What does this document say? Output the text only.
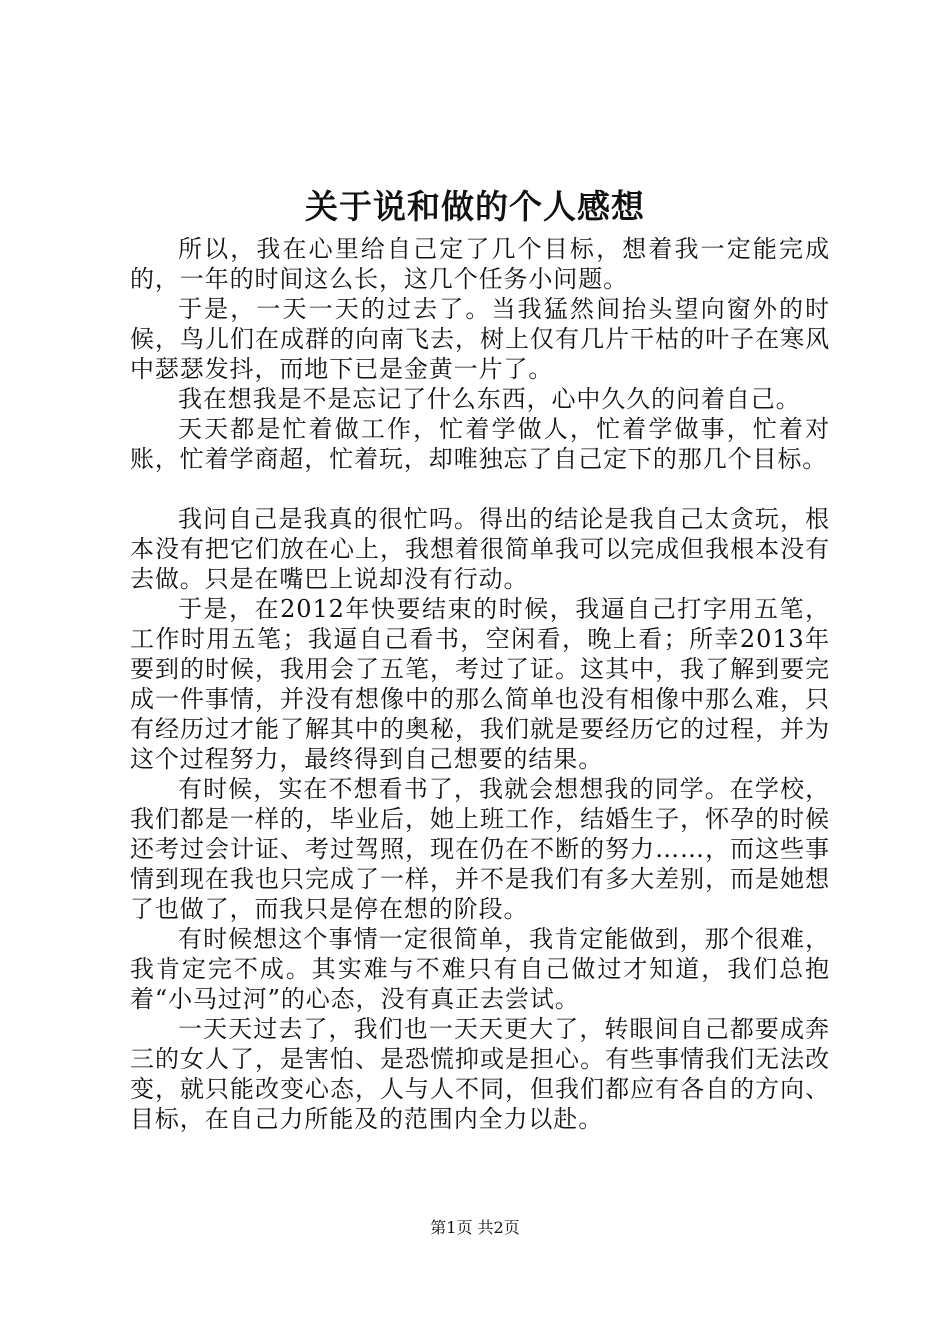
关于说和做的个人感想

所以，我在心里给自己定了几个目标，想着我一定能完成的，一年的时间这么长，这几个任务小问题。

于是，一天一天的过去了。当我猛然间抬头望向窗外的时候，鸟儿们在成群的向南飞去，树上仅有几片干枯的叶子在寒风中瑟瑟发抖，而地下已是金黄一片了。

我在想我是不是忘记了什么东西，心中久久的问着自己。

天天都是忙着做工作，忙着学做人，忙着学做事，忙着对账，忙着学商超，忙着玩，却唯独忘了自己定下的那几个目标。

我问自己是我真的很忙吗。得出的结论是我自己太贪玩，根本没有把它们放在心上，我想着很简单我可以完成但我根本没有去做。只是在嘴巴上说却没有行动。

于是，在2012年快要结束的时候，我逼自己打字用五笔，工作时用五笔；我逼自己看书，空闲看，晚上看；所幸2013年要到的时候，我用会了五笔，考过了证。这其中，我了解到要完成一件事情，并没有想像中的那么简单也没有相像中那么难，只有经历过才能了解其中的奥秘，我们就是要经历它的过程，并为这个过程努力，最终得到自己想要的结果。

有时候，实在不想看书了，我就会想想我的同学。在学校，我们都是一样的，毕业后，她上班工作，结婚生子，怀孕的时候还考过会计证、考过驾照，现在仍在不断的努力……，而这些事情到现在我也只完成了一样，并不是我们有多大差别，而是她想了也做了，而我只是停在想的阶段。

有时候想这个事情一定很简单，我肯定能做到，那个很难，我肯定完不成。其实难与不难只有自己做过才知道，我们总抱着“小马过河”的心态，没有真正去尝试。

一天天过去了，我们也一天天更大了，转眼间自己都要成奔三的女人了，是害怕、是恐慌抑或是担心。有些事情我们无法改变，就只能改变心态，人与人不同，但我们都应有各自的方向、目标，在自己力所能及的范围内全力以赴。

第1页 共2页
